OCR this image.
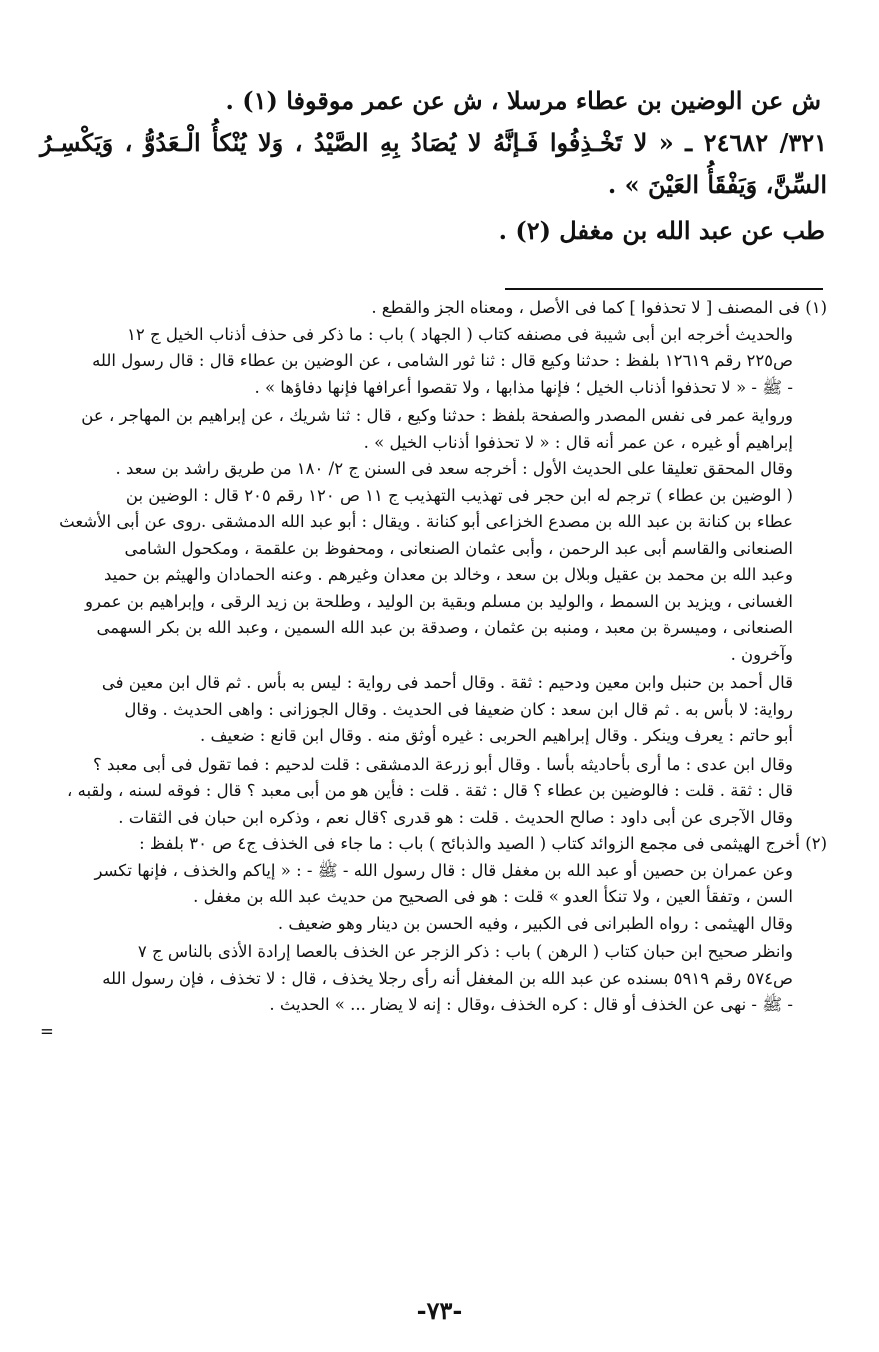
ش عن الوضين بن عطاء مرسلا ، ش عن عمر موقوفا (١) .
٣٢١/ ٢٤٦٨٢ ـ « لا تَخْـذِفُوا فَـإنَّهُ لا يُصَادُ بِهِ الصَّيْدُ ، وَلا يُنْكأُ الْـعَدُوُّ ، وَيَكْسِـرُ
السِّنَّ، وَيَفْقَأُ العَيْنَ » .
طب عن عبد الله بن مغفل (٢) .
(١) فى المصنف [ لا تحذفوا ] كما فى الأصل ، ومعناه الجز والقطع .
والحديث أخرجه ابن أبى شيبة فى مصنفه كتاب ( الجهاد ) باب : ما ذكر فى حذف أذناب الخيل ج ١٢
ص٢٢٥ رقم ١٢٦١٩ بلفظ : حدثنا وكيع قال : ثنا ثور الشامى ، عن الوضين بن عطاء قال : قال رسول الله
- ﷺ - « لا تحذفوا أذناب الخيل ؛ فإنها مذابها ، ولا تقصوا أعرافها فإنها دفاؤها » .
ورواية عمر فى نفس المصدر والصفحة بلفظ : حدثنا وكيع ، قال : ثنا شريك ، عن إبراهيم بن المهاجر ، عن
إبراهيم أو غيره ، عن عمر أنه قال : « لا تحذفوا أذناب الخيل » .
وقال المحقق تعليقا على الحديث الأول : أخرجه سعد فى السنن ج ٢/ ١٨٠ من طريق راشد بن سعد .
( الوضين بن عطاء ) ترجم له ابن حجر فى تهذيب التهذيب ج ١١ ص ١٢٠ رقم ٢٠٥ قال : الوضين بن
عطاء بن كنانة بن عبد الله بن مصدع الخزاعى أبو كنانة . ويقال : أبو عبد الله الدمشقى .روى عن أبى الأشعث
الصنعانى والقاسم أبى عبد الرحمن ، وأبى عثمان الصنعانى ، ومحفوظ بن علقمة ، ومكحول الشامى
وعبد الله بن محمد بن عقيل وبلال بن سعد ، وخالد بن معدان وغيرهم . وعنه الحمادان والهيثم بن حميد
الغسانى ، ويزيد بن السمط ، والوليد بن مسلم وبقية بن الوليد ، وطلحة بن زيد الرقى ، وإبراهيم بن عمرو
الصنعانى ، وميسرة بن معبد ، ومنبه بن عثمان ، وصدقة بن عبد الله السمين ، وعبد الله بن بكر السهمى
وآخرون .
قال أحمد بن حنبل وابن معين ودحيم : ثقة . وقال أحمد فى رواية : ليس به بأس . ثم قال ابن معين فى
رواية: لا بأس به . ثم قال ابن سعد : كان ضعيفا فى الحديث . وقال الجوزانى : واهى الحديث . وقال
أبو حاتم : يعرف وينكر . وقال إبراهيم الحربى : غيره أوثق منه . وقال ابن قانع : ضعيف .
وقال ابن عدى : ما أرى بأحاديثه بأسا . وقال أبو زرعة الدمشقى : قلت لدحيم : فما تقول فى أبى معبد ؟
قال : ثقة . قلت : فالوضين بن عطاء ؟ قال : ثقة . قلت : فأين هو من أبى معبد ؟ قال : فوقه لسنه ، ولقبه ،
وقال الآجرى عن أبى داود : صالح الحديث . قلت : هو قدرى ؟قال نعم ، وذكره ابن حبان فى الثقات .
(٢) أخرج الهيثمى فى مجمع الزوائد كتاب ( الصيد والذبائح ) باب : ما جاء فى الخذف ج٤ ص ٣٠ بلفظ :
وعن عمران بن حصين أو عبد الله بن مغفل قال : قال رسول الله - ﷺ - : « إياكم والخذف ، فإنها تكسر
السن ، وتفقأ العين ، ولا تنكأ العدو » قلت : هو فى الصحيح من حديث عبد الله بن مغفل .
وقال الهيثمى : رواه الطبرانى فى الكبير ، وفيه الحسن بن دينار وهو ضعيف .
وانظر صحيح ابن حبان كتاب ( الرهن ) باب : ذكر الزجر عن الخذف بالعصا إرادة الأذى بالناس ج ٧
ص٥٧٤ رقم ٥٩١٩ بسنده عن عبد الله بن المغفل أنه رأى رجلا يخذف ، قال : لا تخذف ، فإن رسول الله
- ﷺ - نهى عن الخذف أو قال : كره الخذف ،وقال : إنه لا يضار ... » الحديث .
=
-٧٣-
